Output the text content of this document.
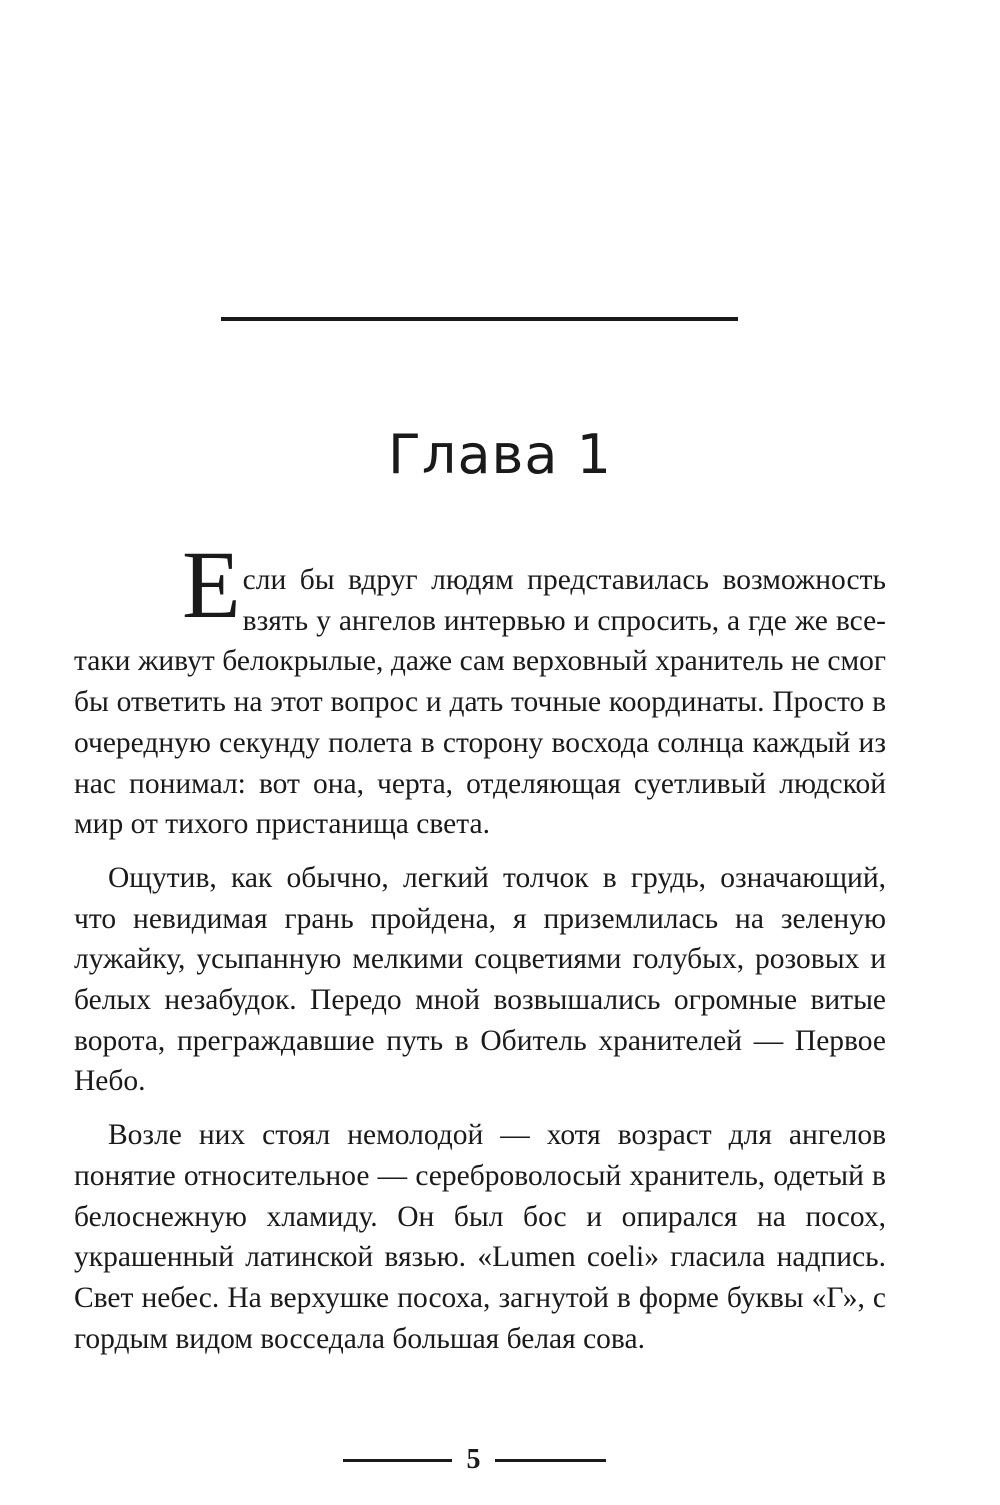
Глава 1

Если бы вдруг людям представилась возможность взять у ангелов интервью и спросить, а где же все-таки живут белокрылые, даже сам верховный хранитель не смог бы ответить на этот вопрос и дать точные координаты. Просто в очередную секунду полета в сторону восхода солнца каждый из нас понимал: вот она, черта, отделяющая суетливый людской мир от тихого пристанища света.

Ощутив, как обычно, легкий толчок в грудь, означающий, что невидимая грань пройдена, я приземлилась на зеленую лужайку, усыпанную мелкими соцветиями голубых, розовых и белых незабудок. Передо мной возвышались огромные витые ворота, преграждавшие путь в Обитель хранителей — Первое Небо.

Возле них стоял немолодой — хотя возраст для ангелов понятие относительное — сереброволосый хранитель, одетый в белоснежную хламиду. Он был бос и опирался на посох, украшенный латинской вязью. «Lumen coeli» гласила надпись. Свет небес. На верхушке посоха, загнутой в форме буквы «Г», с гордым видом восседала большая белая сова.

5
